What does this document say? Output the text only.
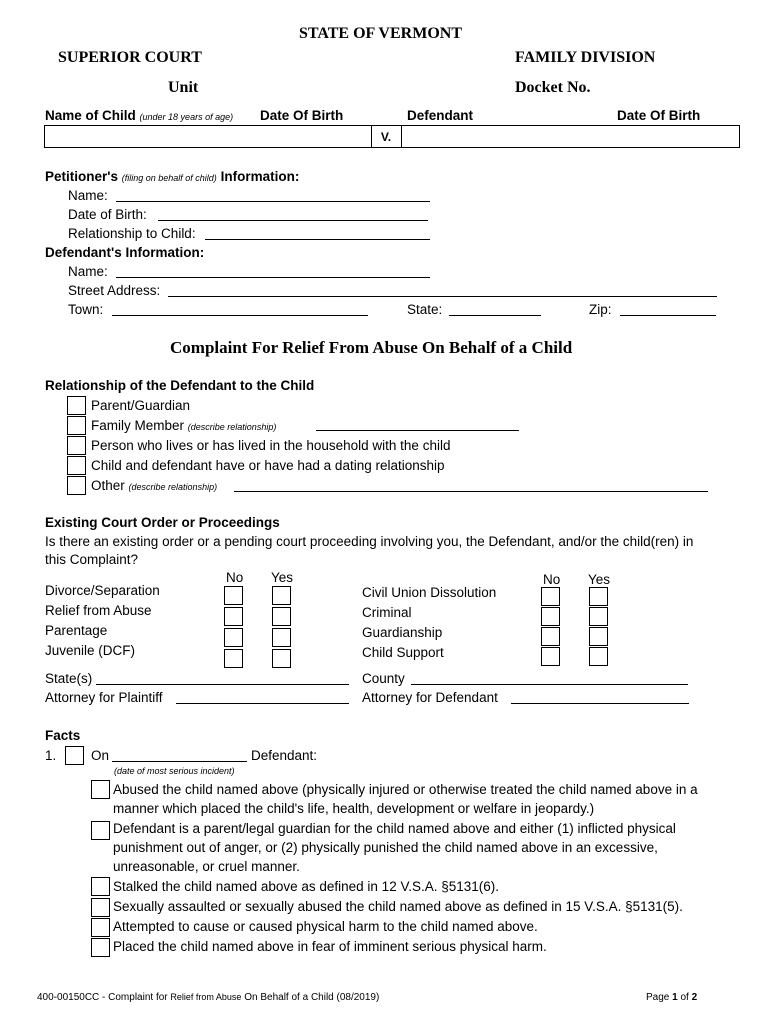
STATE OF VERMONT
SUPERIOR COURT	FAMILY DIVISION
Unit	Docket No.
Name of Child (under 18 years of age) Date Of Birth	Defendant	Date Of Birth
V.
Petitioner's (filing on behalf of child) Information:
Name:
Date of Birth:
Relationship to Child:
Defendant's Information:
Name:
Street Address:
Town:	State:	Zip:
Complaint For Relief From Abuse On Behalf of a Child
Relationship of the Defendant to the Child
Parent/Guardian
Family Member (describe relationship)
Person who lives or has lived in the household with the child
Child and defendant have or have had a dating relationship
Other (describe relationship)
Existing Court Order or Proceedings
Is there an existing order or a pending court proceeding involving you, the Defendant, and/or the child(ren) in
this Complaint?
No Yes	No Yes
Divorce/Separation
Relief from Abuse
Parentage
Juvenile (DCF)
Civil Union Dissolution
Criminal
Guardianship
Child Support
State(s)	County
Attorney for Plaintiff	Attorney for Defendant
Facts
1.	On	Defendant:
(date of most serious incident)
Abused the child named above (physically injured or otherwise treated the child named above in a
manner which placed the child's life, health, development or welfare in jeopardy.)
Defendant is a parent/legal guardian for the child named above and either (1) inflicted physical
punishment out of anger, or (2) physically punished the child named above in an excessive,
unreasonable, or cruel manner.
Stalked the child named above as defined in 12 V.S.A. §5131(6).
Sexually assaulted or sexually abused the child named above as defined in 15 V.S.A. §5131(5).
Attempted to cause or caused physical harm to the child named above.
Placed the child named above in fear of imminent serious physical harm.
400-00150CC - Complaint for Relief from Abuse On Behalf of a Child (08/2019)	Page 1 of 2
